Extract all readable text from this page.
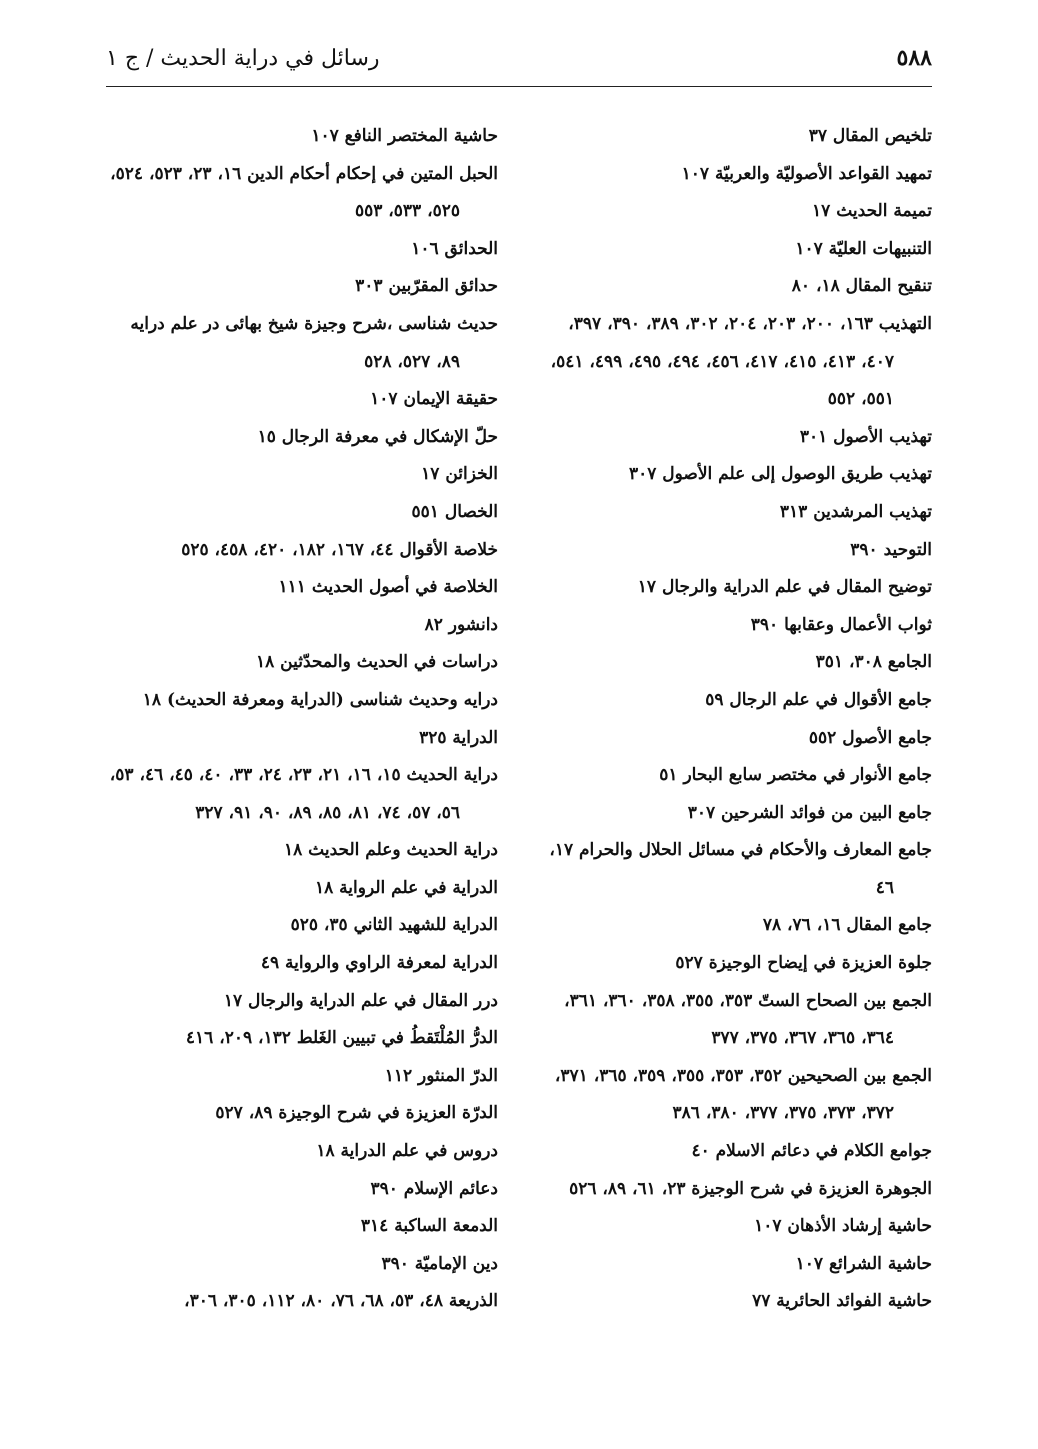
٥٨٨
رسائل في دراية الحديث / ج ١
تلخيص المقال ٣٧
تمهيد القواعد الأصوليّة والعربيّة ١٠٧
تميمة الحديث ١٧
التنبيهات العليّة ١٠٧
تنقيح المقال ١٨، ٨٠
التهذيب ١٦٣، ٢٠٠، ٢٠٣، ٢٠٤، ٣٠٢، ٣٨٩، ٣٩٠، ٣٩٧، ٤٠٧، ٤١٣، ٤١٥، ٤١٧، ٤٥٦، ٤٩٤، ٤٩٥، ٤٩٩، ٥٤١، ٥٥١، ٥٥٢
تهذيب الأصول ٣٠١
تهذيب طريق الوصول إلى علم الأصول ٣٠٧
تهذيب المرشدين ٣١٣
التوحيد ٣٩٠
توضيح المقال في علم الدراية والرجال ١٧
ثواب الأعمال وعقابها ٣٩٠
الجامع ٣٠٨، ٣٥١
جامع الأقوال في علم الرجال ٥٩
جامع الأصول ٥٥٢
جامع الأنوار في مختصر سابع البحار ٥١
جامع البين من فوائد الشرحين ٣٠٧
جامع المعارف والأحكام في مسائل الحلال والحرام ١٧، ٤٦
جامع المقال ١٦، ٧٦، ٧٨
جلوة العزيزة في إيضاح الوجيزة ٥٢٧
الجمع بين الصحاح الستّ ٣٥٣، ٣٥٥، ٣٥٨، ٣٦٠، ٣٦١، ٣٦٤، ٣٦٥، ٣٦٧، ٣٧٥، ٣٧٧
الجمع بين الصحيحين ٣٥٢، ٣٥٣، ٣٥٥، ٣٥٩، ٣٦٥، ٣٧١، ٣٧٢، ٣٧٣، ٣٧٥، ٣٧٧، ٣٨٠، ٣٨٦
جوامع الكلام في دعائم الاسلام ٤٠
الجوهرة العزيزة في شرح الوجيزة ٢٣، ٦١، ٨٩، ٥٢٦
حاشية إرشاد الأذهان ١٠٧
حاشية الشرائع ١٠٧
حاشية الفوائد الحائرية ٧٧
حاشية المختصر النافع ١٠٧
الحبل المتين في إحكام أحكام الدين ١٦، ٢٣، ٥٢٣، ٥٢٤، ٥٢٥، ٥٣٣، ٥٥٣
الحدائق ١٠٦
حدائق المقرّبين ٣٠٣
حديث شناسى ،شرح وجيزة شيخ بهائى در علم درايه ٨٩، ٥٢٧، ٥٢٨
حقيقة الإيمان ١٠٧
حلّ الإشكال في معرفة الرجال ١٥
الخزائن ١٧
الخصال ٥٥١
خلاصة الأقوال ٤٤، ١٦٧، ١٨٢، ٤٢٠، ٤٥٨، ٥٢٥
الخلاصة في أصول الحديث ١١١
دانشور ٨٢
دراسات في الحديث والمحدّثين ١٨
درايه وحديث شناسى (الدراية ومعرفة الحديث) ١٨
الدراية ٣٢٥
دراية الحديث ١٥، ١٦، ٢١، ٢٣، ٢٤، ٣٣، ٤٠، ٤٥، ٤٦، ٥٣، ٥٦، ٥٧، ٧٤، ٨١، ٨٥، ٨٩، ٩٠، ٩١، ٣٢٧
دراية الحديث وعلم الحديث ١٨
الدراية في علم الرواية ١٨
الدراية للشهيد الثاني ٣٥، ٥٢٥
الدراية لمعرفة الراوي والرواية ٤٩
درر المقال في علم الدراية والرجال ١٧
الدرُّ المُلْتَقطُ في تبيين الغَلط ١٣٢، ٢٠٩، ٤١٦
الدرّ المنثور ١١٢
الدرّة العزيزة في شرح الوجيزة ٨٩، ٥٢٧
دروس في علم الدراية ١٨
دعائم الإسلام ٣٩٠
الدمعة الساكبة ٣١٤
دين الإماميّة ٣٩٠
الذريعة ٤٨، ٥٣، ٦٨، ٧٦، ٨٠، ١١٢، ٣٠٥، ٣٠٦،
